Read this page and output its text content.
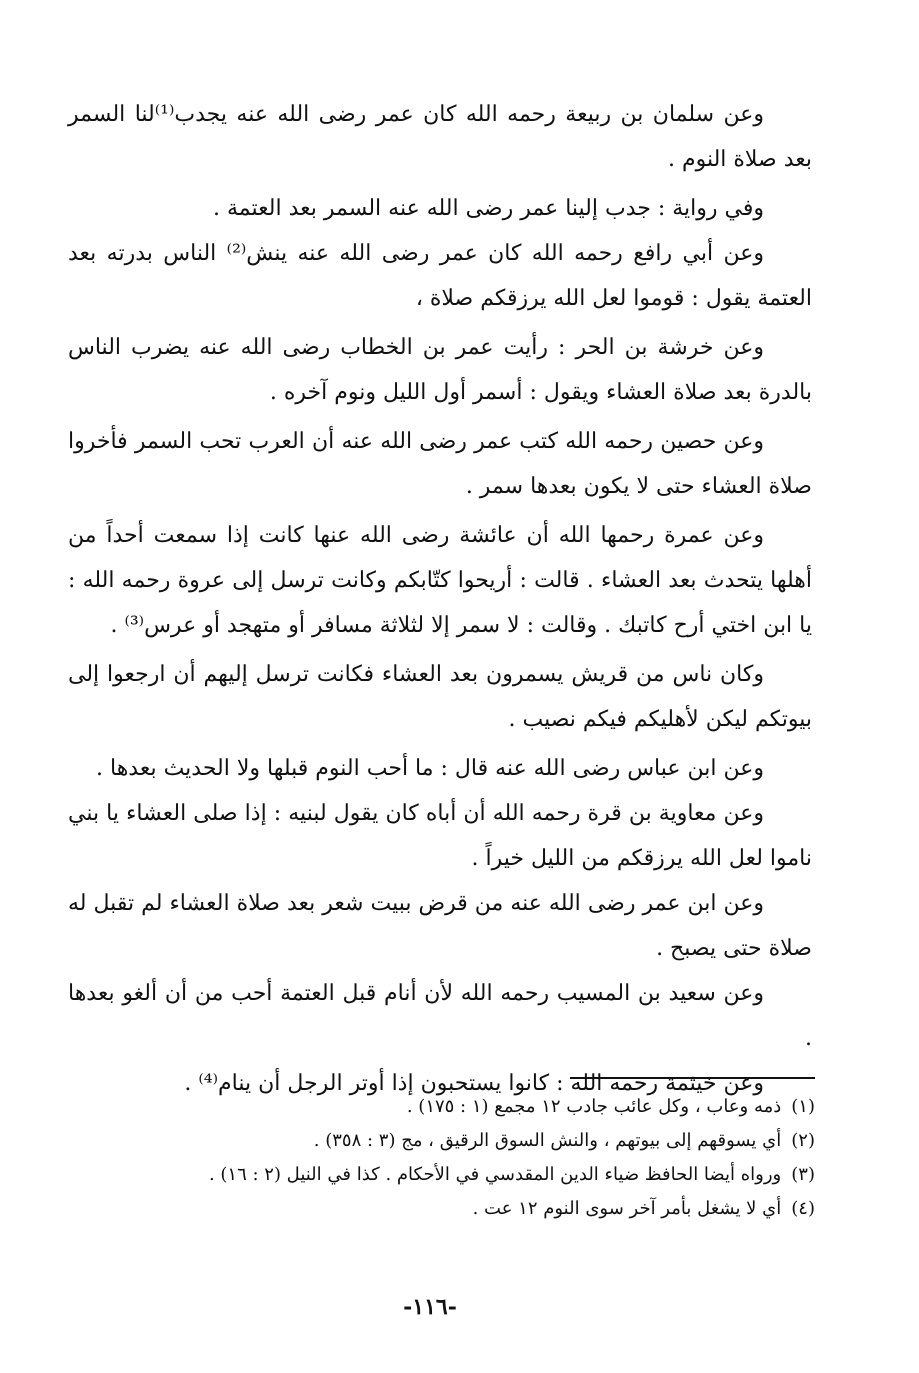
وعن سلمان بن ربيعة رحمه الله كان عمر رضى الله عنه يجدب⁽¹⁾لنا السمر بعد صلاة النوم .

وفي رواية : جدب إلينا عمر رضى الله عنه السمر بعد العتمة .

وعن أبي رافع رحمه الله كان عمر رضى الله عنه ينش⁽²⁾ الناس بدرته بعد العتمة يقول : قوموا لعل الله يرزقكم صلاة ،

وعن خرشة بن الحر : رأيت عمر بن الخطاب رضى الله عنه يضرب الناس بالدرة بعد صلاة العشاء ويقول : أسمر أول الليل ونوم آخره .

وعن حصين رحمه الله كتب عمر رضى الله عنه أن العرب تحب السمر فأخروا صلاة العشاء حتى لا يكون بعدها سمر .

وعن عمرة رحمها الله أن عائشة رضى الله عنها كانت إذا سمعت أحداً من أهلها يتحدث بعد العشاء . قالت : أريحوا كتّابكم وكانت ترسل إلى عروة رحمه الله : يا ابن اختي أرح كاتبك . وقالت : لا سمر إلا لثلاثة مسافر أو متهجد أو عرس⁽³⁾ .

وكان ناس من قريش يسمرون بعد العشاء فكانت ترسل إليهم أن ارجعوا إلى بيوتكم ليكن لأهليكم فيكم نصيب .

وعن ابن عباس رضى الله عنه قال : ما أحب النوم قبلها ولا الحديث بعدها .

وعن معاوية بن قرة رحمه الله أن أباه كان يقول لبنيه : إذا صلى العشاء يا بني ناموا لعل الله يرزقكم من الليل خيراً .

وعن ابن عمر رضى الله عنه من قرض ببيت شعر بعد صلاة العشاء لم تقبل له صلاة حتى يصبح .

وعن سعيد بن المسيب رحمه الله لأن أنام قبل العتمة أحب من أن ألغو بعدها .

وعن خيثمة رحمه الله : كانوا يستحبون إذا أوتر الرجل أن ينام⁽⁴⁾ .

(١)ذمه وعاب ، وكل عائب جادب ١٢ مجمع (١ : ١٧٥) .

(٢)أي يسوقهم إلى بيوتهم ، والنش السوق الرقيق ، مج (٣ : ٣٥٨) .

(٣)ورواه أيضا الحافظ ضياء الدين المقدسي في الأحكام . كذا في النيل (٢ : ١٦) .

(٤)أي لا يشغل بأمر آخر سوى النوم ١٢ عت .

-١١٦-
